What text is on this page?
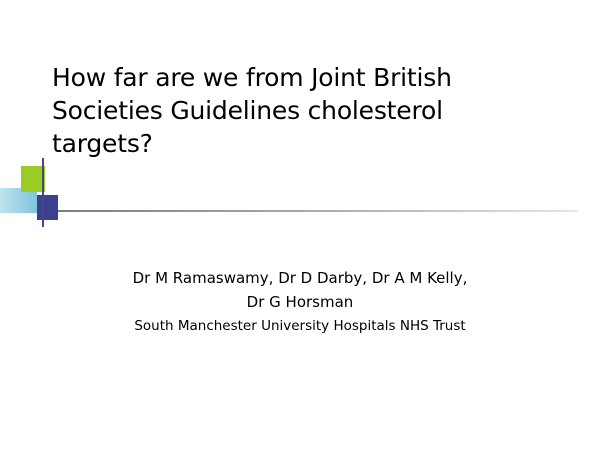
How far are we from Joint British
Societies Guidelines cholesterol
targets?
Dr M Ramaswamy, Dr D Darby, Dr A M Kelly,
Dr G Horsman
South Manchester University Hospitals NHS Trust
